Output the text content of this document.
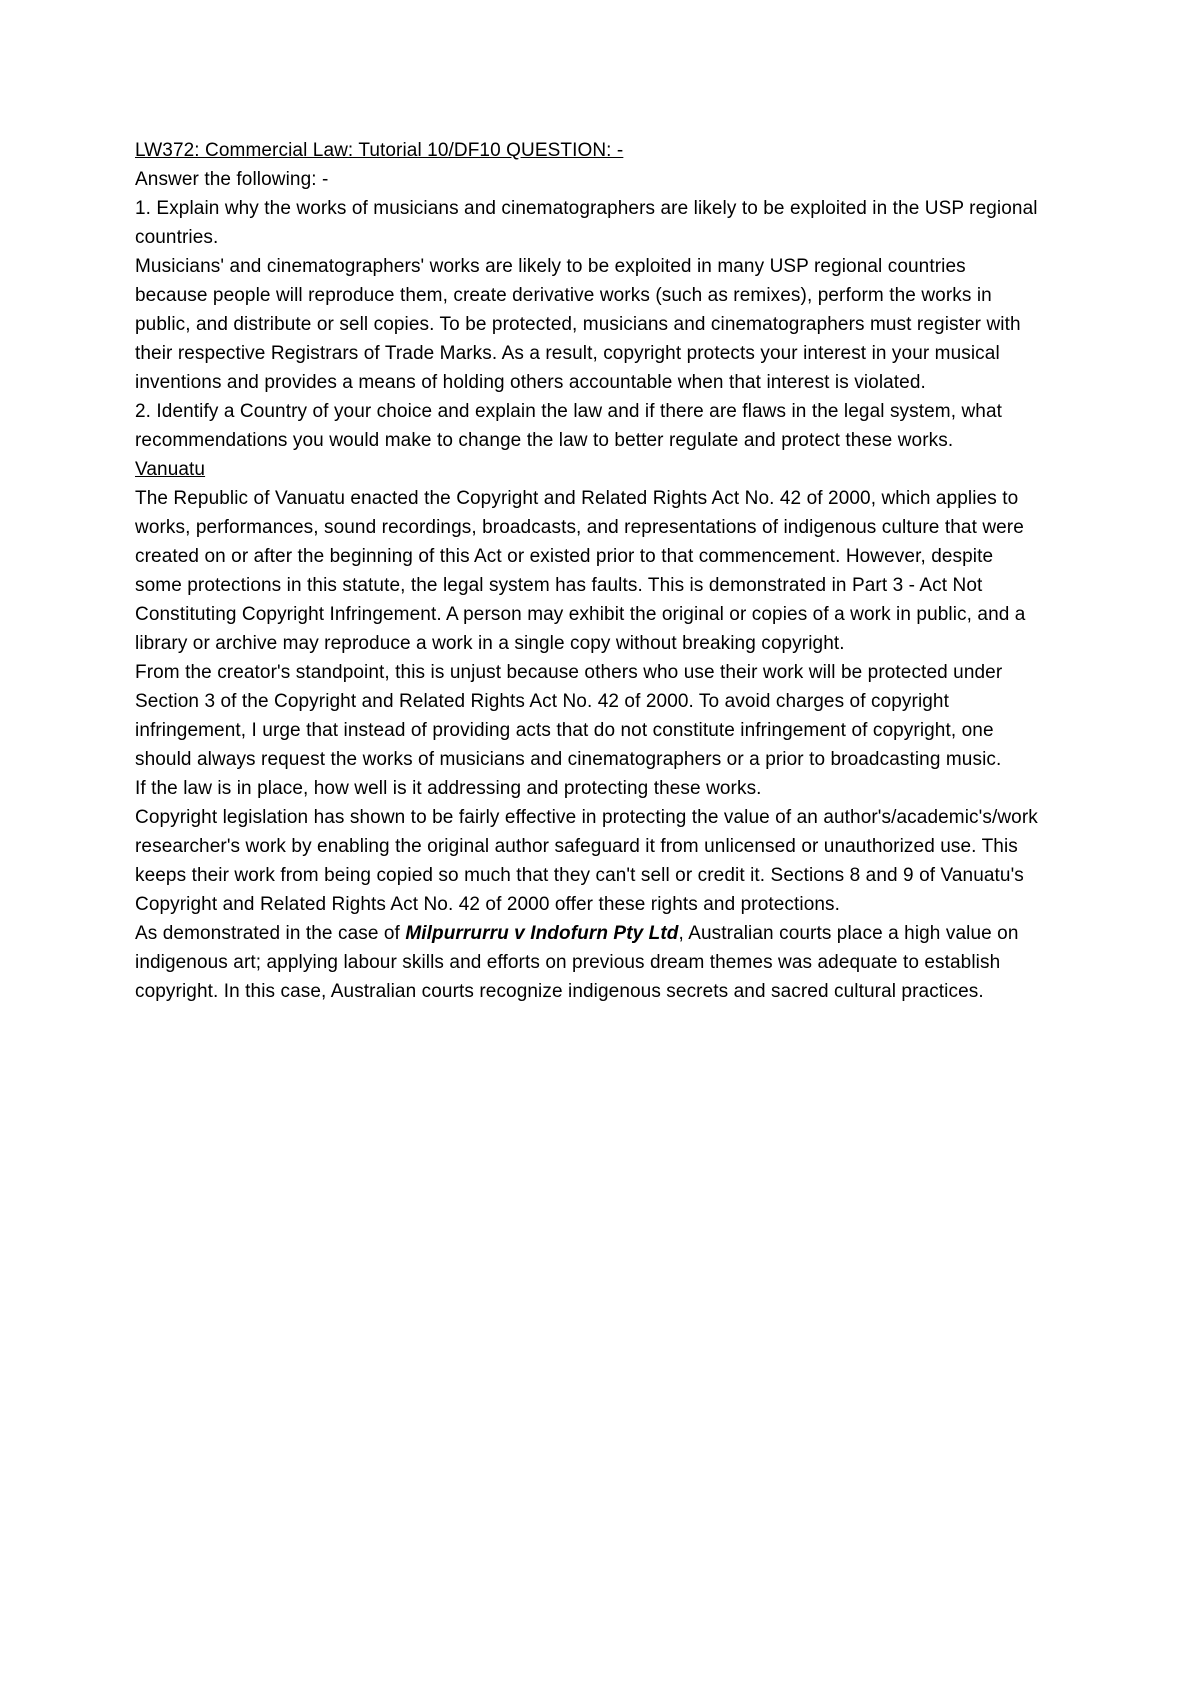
LW372: Commercial Law: Tutorial 10/DF10 QUESTION: -

Answer the following: -

1. Explain why the works of musicians and cinematographers are likely to be exploited in the USP regional countries.

Musicians' and cinematographers' works are likely to be exploited in many USP regional countries because people will reproduce them, create derivative works (such as remixes), perform the works in public, and distribute or sell copies. To be protected, musicians and cinematographers must register with their respective Registrars of Trade Marks. As a result, copyright protects your interest in your musical inventions and provides a means of holding others accountable when that interest is violated.

2. Identify a Country of your choice and explain the law and if there are flaws in the legal system, what recommendations you would make to change the law to better regulate and protect these works.

Vanuatu

The Republic of Vanuatu enacted the Copyright and Related Rights Act No. 42 of 2000, which applies to works, performances, sound recordings, broadcasts, and representations of indigenous culture that were created on or after the beginning of this Act or existed prior to that commencement. However, despite some protections in this statute, the legal system has faults. This is demonstrated in Part 3 - Act Not Constituting Copyright Infringement. A person may exhibit the original or copies of a work in public, and a library or archive may reproduce a work in a single copy without breaking copyright.

From the creator's standpoint, this is unjust because others who use their work will be protected under Section 3 of the Copyright and Related Rights Act No. 42 of 2000. To avoid charges of copyright infringement, I urge that instead of providing acts that do not constitute infringement of copyright, one should always request the works of musicians and cinematographers or a prior to broadcasting music.

If the law is in place, how well is it addressing and protecting these works.

Copyright legislation has shown to be fairly effective in protecting the value of an author's/academic's/work researcher's work by enabling the original author safeguard it from unlicensed or unauthorized use. This keeps their work from being copied so much that they can't sell or credit it. Sections 8 and 9 of Vanuatu's Copyright and Related Rights Act No. 42 of 2000 offer these rights and protections.

As demonstrated in the case of Milpurrurru v Indofurn Pty Ltd, Australian courts place a high value on indigenous art; applying labour skills and efforts on previous dream themes was adequate to establish copyright. In this case, Australian courts recognize indigenous secrets and sacred cultural practices.
